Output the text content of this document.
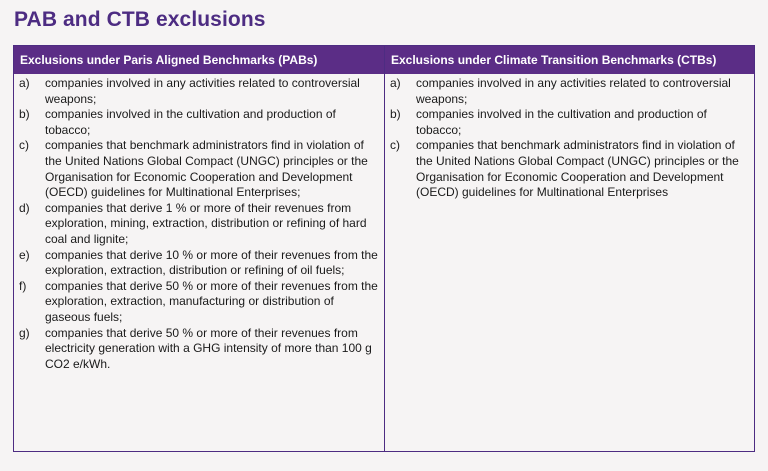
PAB and CTB exclusions
Exclusions under Paris Aligned Benchmarks (PABs)
a)	companies involved in any activities related to controversial weapons;
b)	companies involved in the cultivation and production of tobacco;
c)	companies that benchmark administrators find in violation of the United Nations Global Compact (UNGC) principles or the Organisation for Economic Cooperation and Development (OECD) guidelines for Multinational Enterprises;
d)	companies that derive 1 % or more of their revenues from exploration, mining, extraction, distribution or refining of hard coal and lignite;
e)	companies that derive 10 % or more of their revenues from the exploration, extraction, distribution or refining of oil fuels;
f)	companies that derive 50 % or more of their revenues from the exploration, extraction, manufacturing or distribution of gaseous fuels;
g)	companies that derive 50 % or more of their revenues from electricity generation with a GHG intensity of more than 100 g CO2 e/kWh.
Exclusions under Climate Transition Benchmarks (CTBs)
a)	companies involved in any activities related to controversial weapons;
b)	companies involved in the cultivation and production of tobacco;
c)	companies that benchmark administrators find in violation of the United Nations Global Compact (UNGC) principles or the Organisation for Economic Cooperation and Development (OECD) guidelines for Multinational Enterprises
